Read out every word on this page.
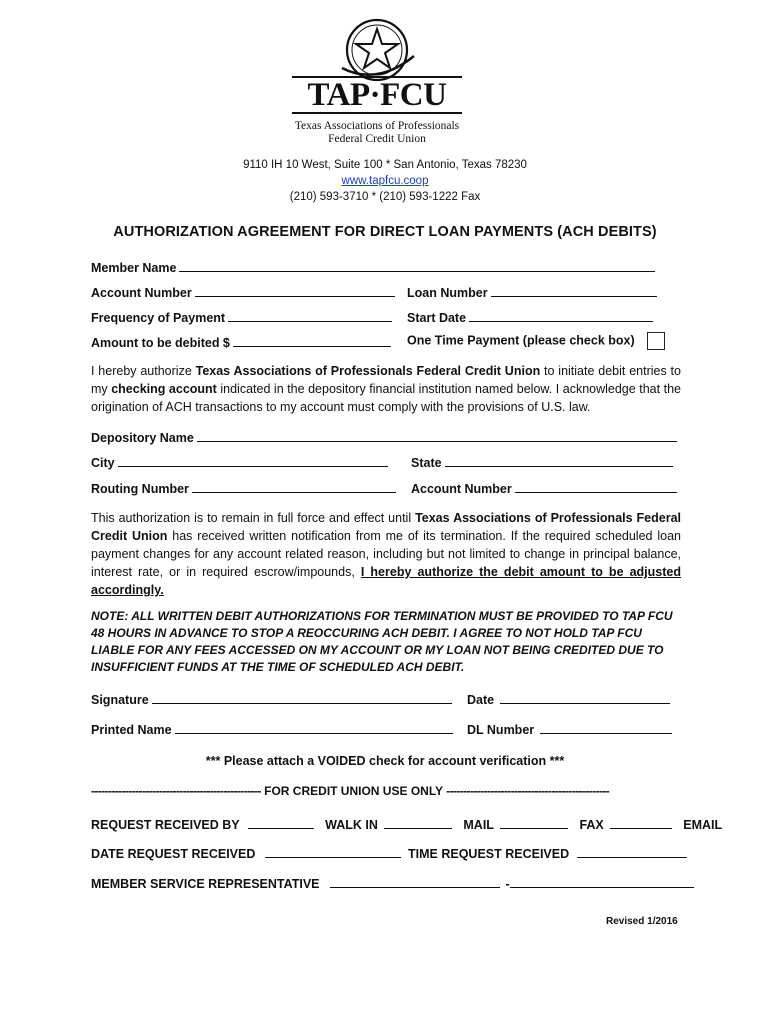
TAP·FCU
Texas Associations of Professionals
Federal Credit Union
9110 IH 10 West, Suite 100 * San Antonio, Texas 78230
www.tapfcu.coop
(210) 593-3710 * (210) 593-1222 Fax
AUTHORIZATION AGREEMENT FOR DIRECT LOAN PAYMENTS (ACH DEBITS)
Member Name
Account Number	Loan Number
Frequency of Payment	Start Date
Amount to be debited $	One Time Payment (please check box)
I hereby authorize Texas Associations of Professionals Federal Credit Union to initiate debit entries to my checking account indicated in the depository financial institution named below. I acknowledge that the origination of ACH transactions to my account must comply with the provisions of U.S. law.
Depository Name
City	State
Routing Number	Account Number
This authorization is to remain in full force and effect until Texas Associations of Professionals Federal Credit Union has received written notification from me of its termination. If the required scheduled loan payment changes for any account related reason, including but not limited to change in principal balance, interest rate, or in required escrow/impounds, I hereby authorize the debit amount to be adjusted accordingly.
NOTE: ALL WRITTEN DEBIT AUTHORIZATIONS FOR TERMINATION MUST BE PROVIDED TO TAP FCU 48 HOURS IN ADVANCE TO STOP A REOCCURING ACH DEBIT. I AGREE TO NOT HOLD TAP FCU LIABLE FOR ANY FEES ACCESSED ON MY ACCOUNT OR MY LOAN NOT BEING CREDITED DUE TO INSUFFICIENT FUNDS AT THE TIME OF SCHEDULED ACH DEBIT.
Signature	Date
Printed Name	DL Number
*** Please attach a VOIDED check for account verification ***
-------------------------------------------------- FOR CREDIT UNION USE ONLY ------------------------------------------------
REQUEST RECEIVED BY	WALK IN	MAIL	FAX	EMAIL
DATE REQUEST RECEIVED	TIME REQUEST RECEIVED
MEMBER SERVICE REPRESENTATIVE	-
Revised 1/2016
